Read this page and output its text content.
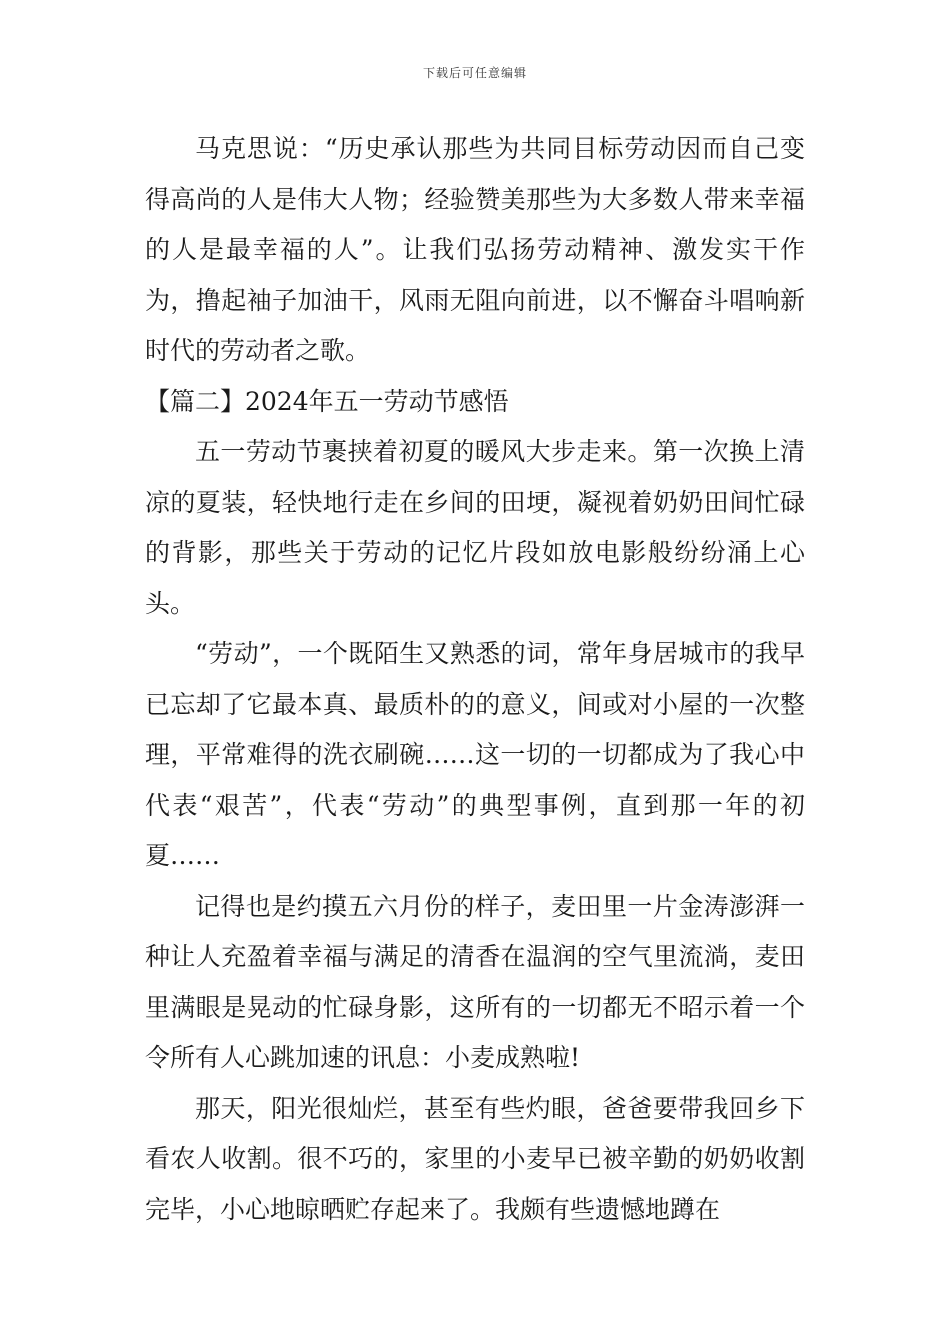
下载后可任意编辑

马克思说：“历史承认那些为共同目标劳动因而自己变得高尚的人是伟大人物；经验赞美那些为大多数人带来幸福的人是最幸福的人”。让我们弘扬劳动精神、激发实干作为，撸起袖子加油干，风雨无阻向前进，以不懈奋斗唱响新时代的劳动者之歌。

【篇二】2024年五一劳动节感悟

五一劳动节裹挟着初夏的暖风大步走来。第一次换上清凉的夏装，轻快地行走在乡间的田埂，凝视着奶奶田间忙碌的背影，那些关于劳动的记忆片段如放电影般纷纷涌上心头。

“劳动”，一个既陌生又熟悉的词，常年身居城市的我早已忘却了它最本真、最质朴的的意义，间或对小屋的一次整理，平常难得的洗衣刷碗……这一切的一切都成为了我心中代表“艰苦”，代表“劳动”的典型事例，直到那一年的初夏……

记得也是约摸五六月份的样子，麦田里一片金涛澎湃一种让人充盈着幸福与满足的清香在温润的空气里流淌，麦田里满眼是晃动的忙碌身影，这所有的一切都无不昭示着一个令所有人心跳加速的讯息：小麦成熟啦!

那天，阳光很灿烂，甚至有些灼眼，爸爸要带我回乡下看农人收割。很不巧的，家里的小麦早已被辛勤的奶奶收割完毕，小心地晾晒贮存起来了。我颇有些遗憾地蹲在
